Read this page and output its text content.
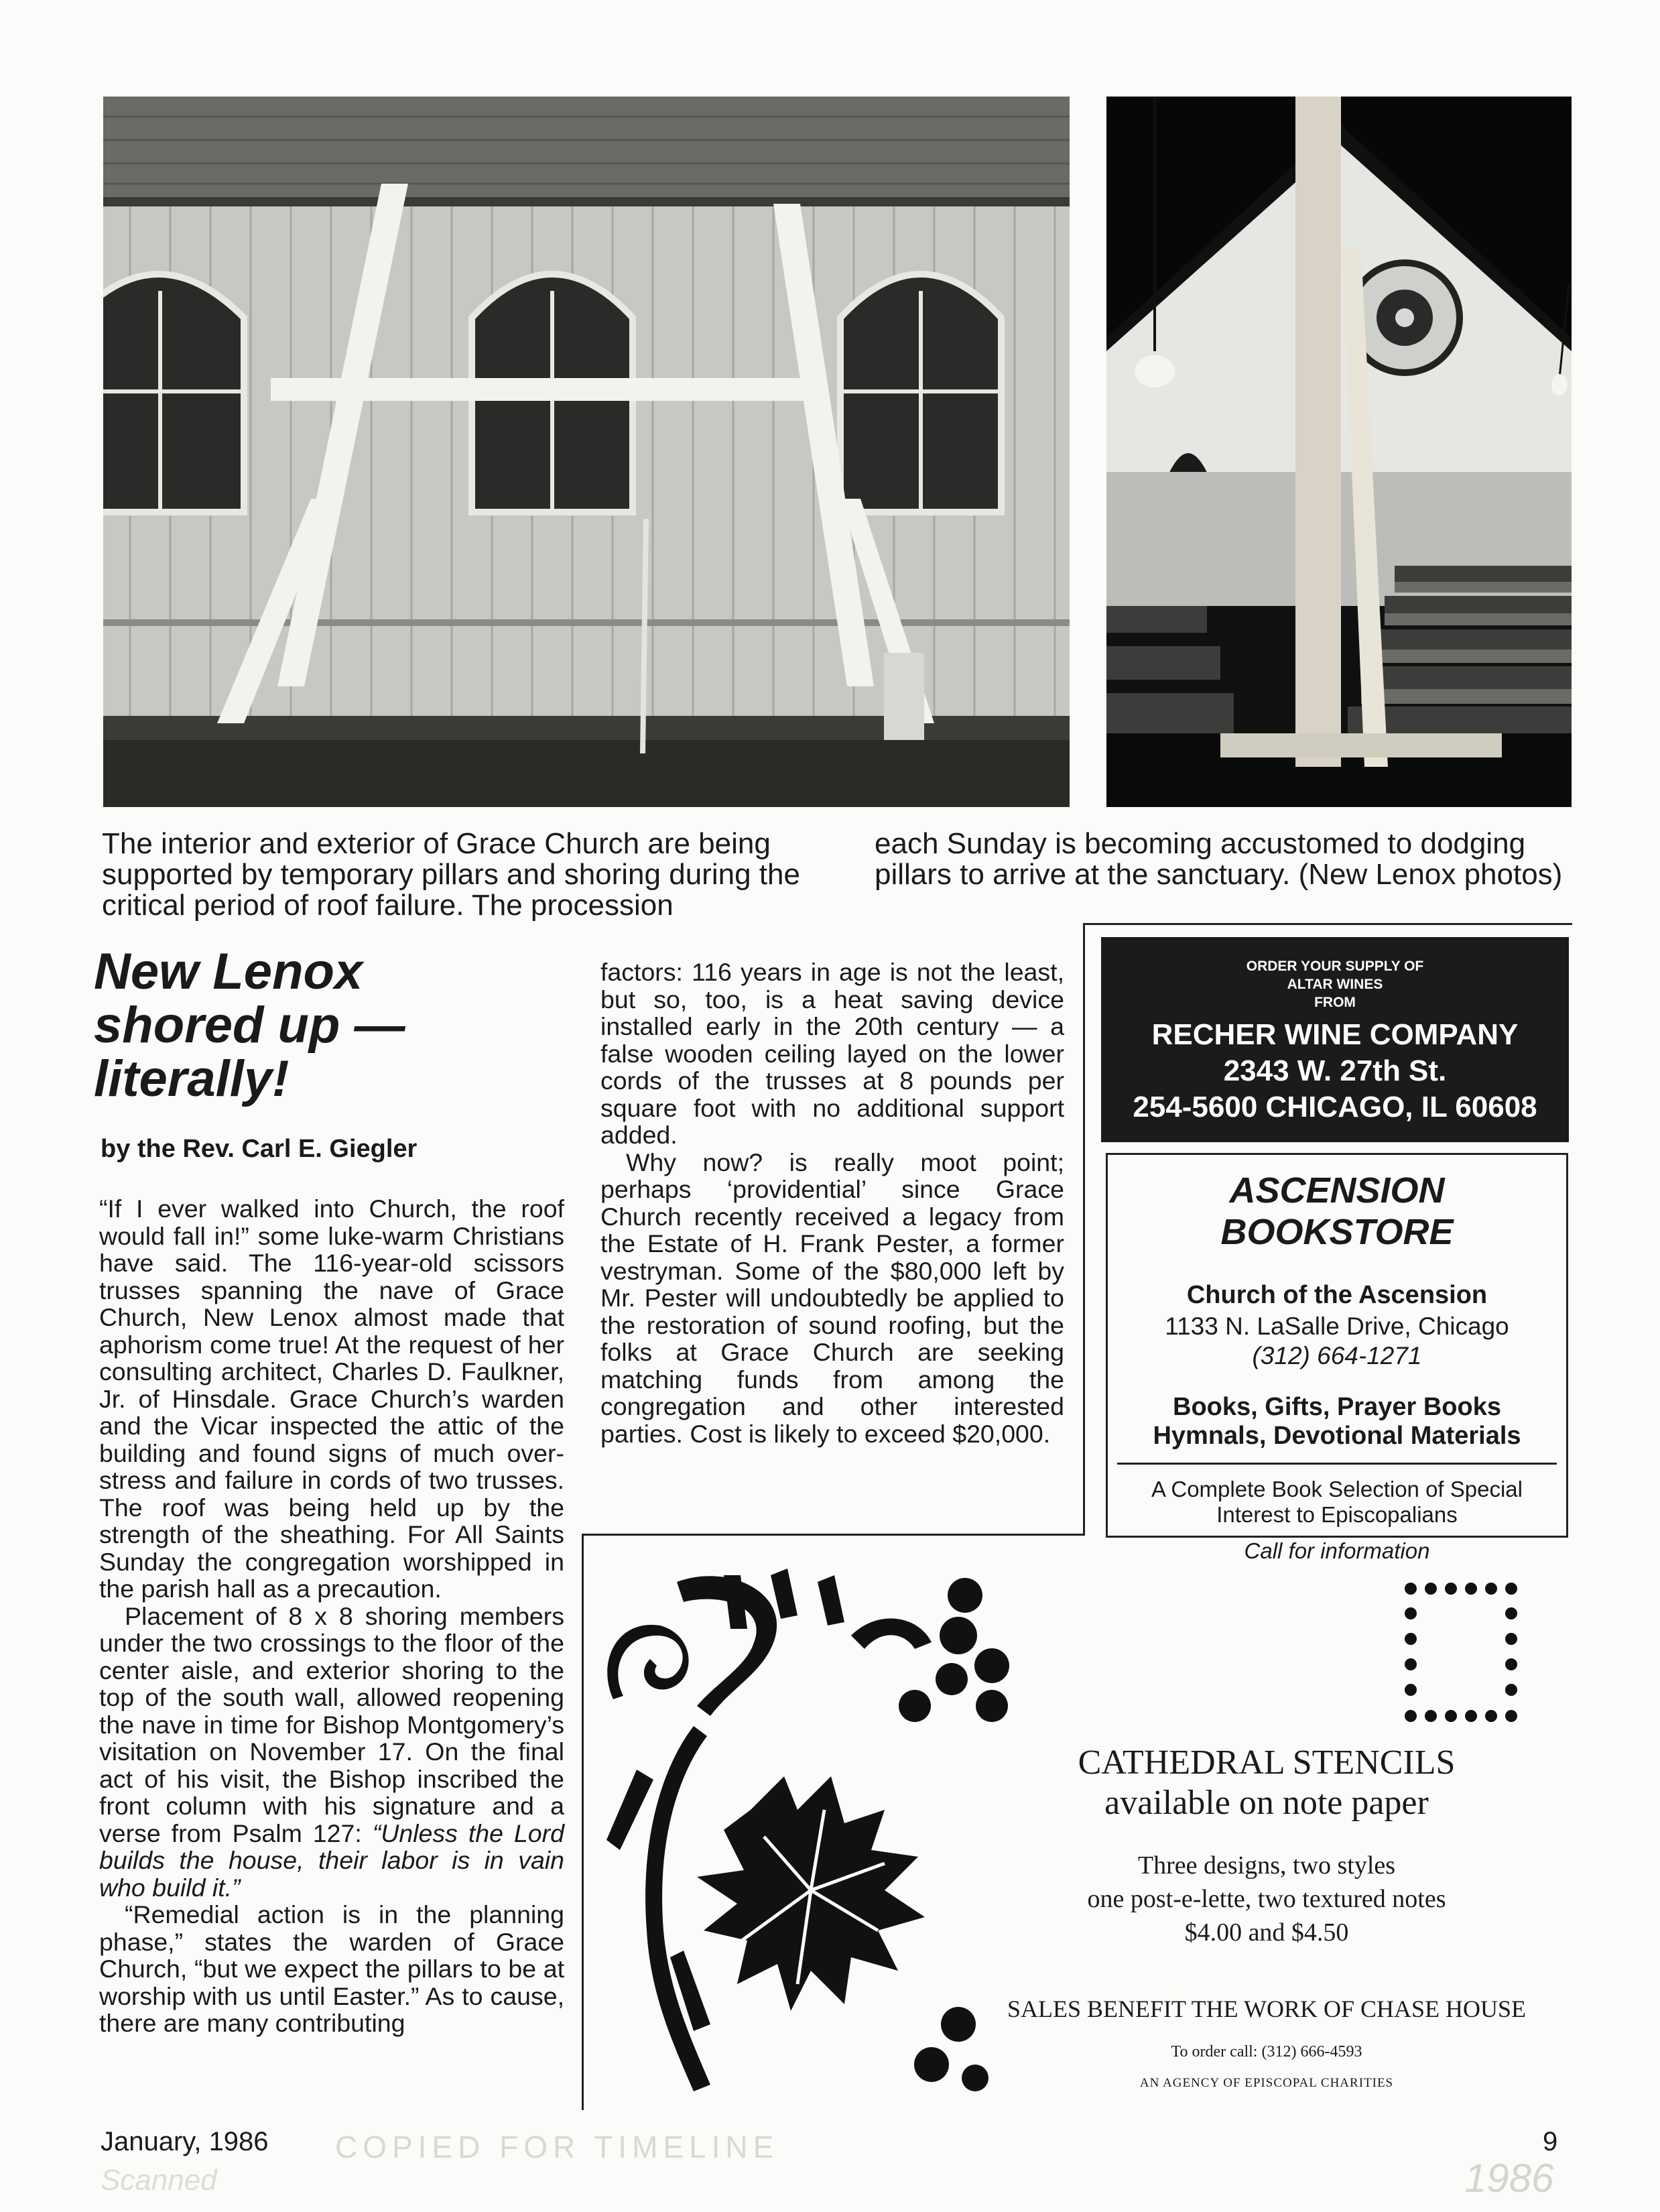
The interior and exterior of Grace Church are being supported by temporary pillars and shoring during the critical period of roof failure. The procession
each Sunday is becoming accustomed to dodging pillars to arrive at the sanctuary. (New Lenox photos)
New Lenox shored up — literally!
by the Rev. Carl E. Giegler

“If I ever walked into Church, the roof would fall in!” some luke-warm Christians have said. The 116-year-old scissors trusses spanning the nave of Grace Church, New Lenox almost made that aphorism come true! At the request of her consulting architect, Charles D. Faulkner, Jr. of Hinsdale. Grace Church’s warden and the Vicar inspected the attic of the building and found signs of much over-stress and failure in cords of two trusses. The roof was being held up by the strength of the sheathing. For All Saints Sunday the congregation worshipped in the parish hall as a precaution.

Placement of 8 x 8 shoring members under the two crossings to the floor of the center aisle, and exterior shoring to the top of the south wall, allowed reopening the nave in time for Bishop Montgomery’s visitation on November 17. On the final act of his visit, the Bishop inscribed the front column with his signature and a verse from Psalm 127: “Unless the Lord builds the house, their labor is in vain who build it.”

“Remedial action is in the planning phase,” states the warden of Grace Church, “but we expect the pillars to be at worship with us until Easter.” As to cause, there are many contributing

factors: 116 years in age is not the least, but so, too, is a heat saving device installed early in the 20th century — a false wooden ceiling layed on the lower cords of the trusses at 8 pounds per square foot with no additional support added.

Why now? is really moot point; perhaps ‘providential’ since Grace Church recently received a legacy from the Estate of H. Frank Pester, a former vestryman. Some of the $80,000 left by Mr. Pester will undoubtedly be applied to the restoration of sound roofing, but the folks at Grace Church are seeking matching funds from among the congregation and other interested parties. Cost is likely to exceed $20,000.

ORDER YOUR SUPPLY OF
ALTAR WINES
FROM
RECHER WINE COMPANY
2343 W. 27th St.
254-5600 CHICAGO, IL 60608
ASCENSION BOOKSTORE
Church of the Ascension
1133 N. LaSalle Drive, Chicago
(312) 664-1271
Books, Gifts, Prayer Books
Hymnals, Devotional Materials
A Complete Book Selection of Special Interest to Episcopalians
Call for information
CATHEDRAL STENCILS
available on note paper
Three designs, two styles
one post-e-lette, two textured notes
$4.00 and $4.50
SALES BENEFIT THE WORK OF CHASE HOUSE
To order call: (312) 666-4593
AN AGENCY OF EPISCOPAL CHARITIES
January, 1986 COPIED FOR TIMELINE
Scanned
9
1986
